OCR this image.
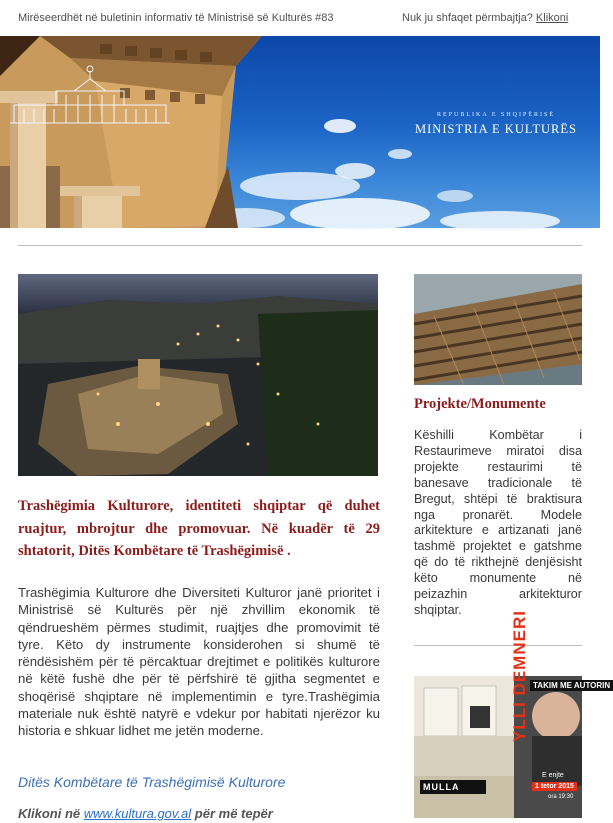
Mirëseerdhët në buletinin informativ të Ministrisë së Kulturës #83	Nuk ju shfaqet përmbajtja? Klikoni
REPUBLIKA E SHQIPËRISË
MINISTRIA E KULTURËS
Trashëgimia Kulturore, identiteti shqiptar që duhet ruajtur, mbrojtur dhe promovuar. Në kuadër të 29 shtatorit, Ditës Kombëtare të Trashëgimisë .
Trashëgimia Kulturore dhe Diversiteti Kulturor janë prioritet i Ministrisë së Kulturës për një zhvillim ekonomik të qëndrueshëm përmes studimit, ruajtjes dhe promovimit të tyre. Këto dy instrumente konsiderohen si shumë të rëndësishëm për të përcaktuar drejtimet e politikës kulturore në këtë fushë dhe për të përfshirë të gjitha segmentet e shoqërisë shqiptare në implementimin e tyre.Trashëgimia materiale nuk është natyrë e vdekur por habitati njerëzor ku historia e shkuar lidhet me jetën moderne.
Ditës Kombëtare të Trashëgimisë Kulturore
Klikoni në www.kultura.gov.al për më tepër
Projekte/Monumente
Këshilli Kombëtar i Restaurimeve miratoi disa projekte restaurimi të banesave tradicionale të Bregut, shtëpi të braktisura nga pronarët. Modele arkitekture e artizanati janë tashmë projektet e gatshme që do të rikthejnë denjësisht këto monumente në peizazhin arkitekturor shqiptar.
TAKIM ME AUTORIN
YLLI DEMNERI
E enjte
1 tetor 2015
ora 19:30
MULLA
